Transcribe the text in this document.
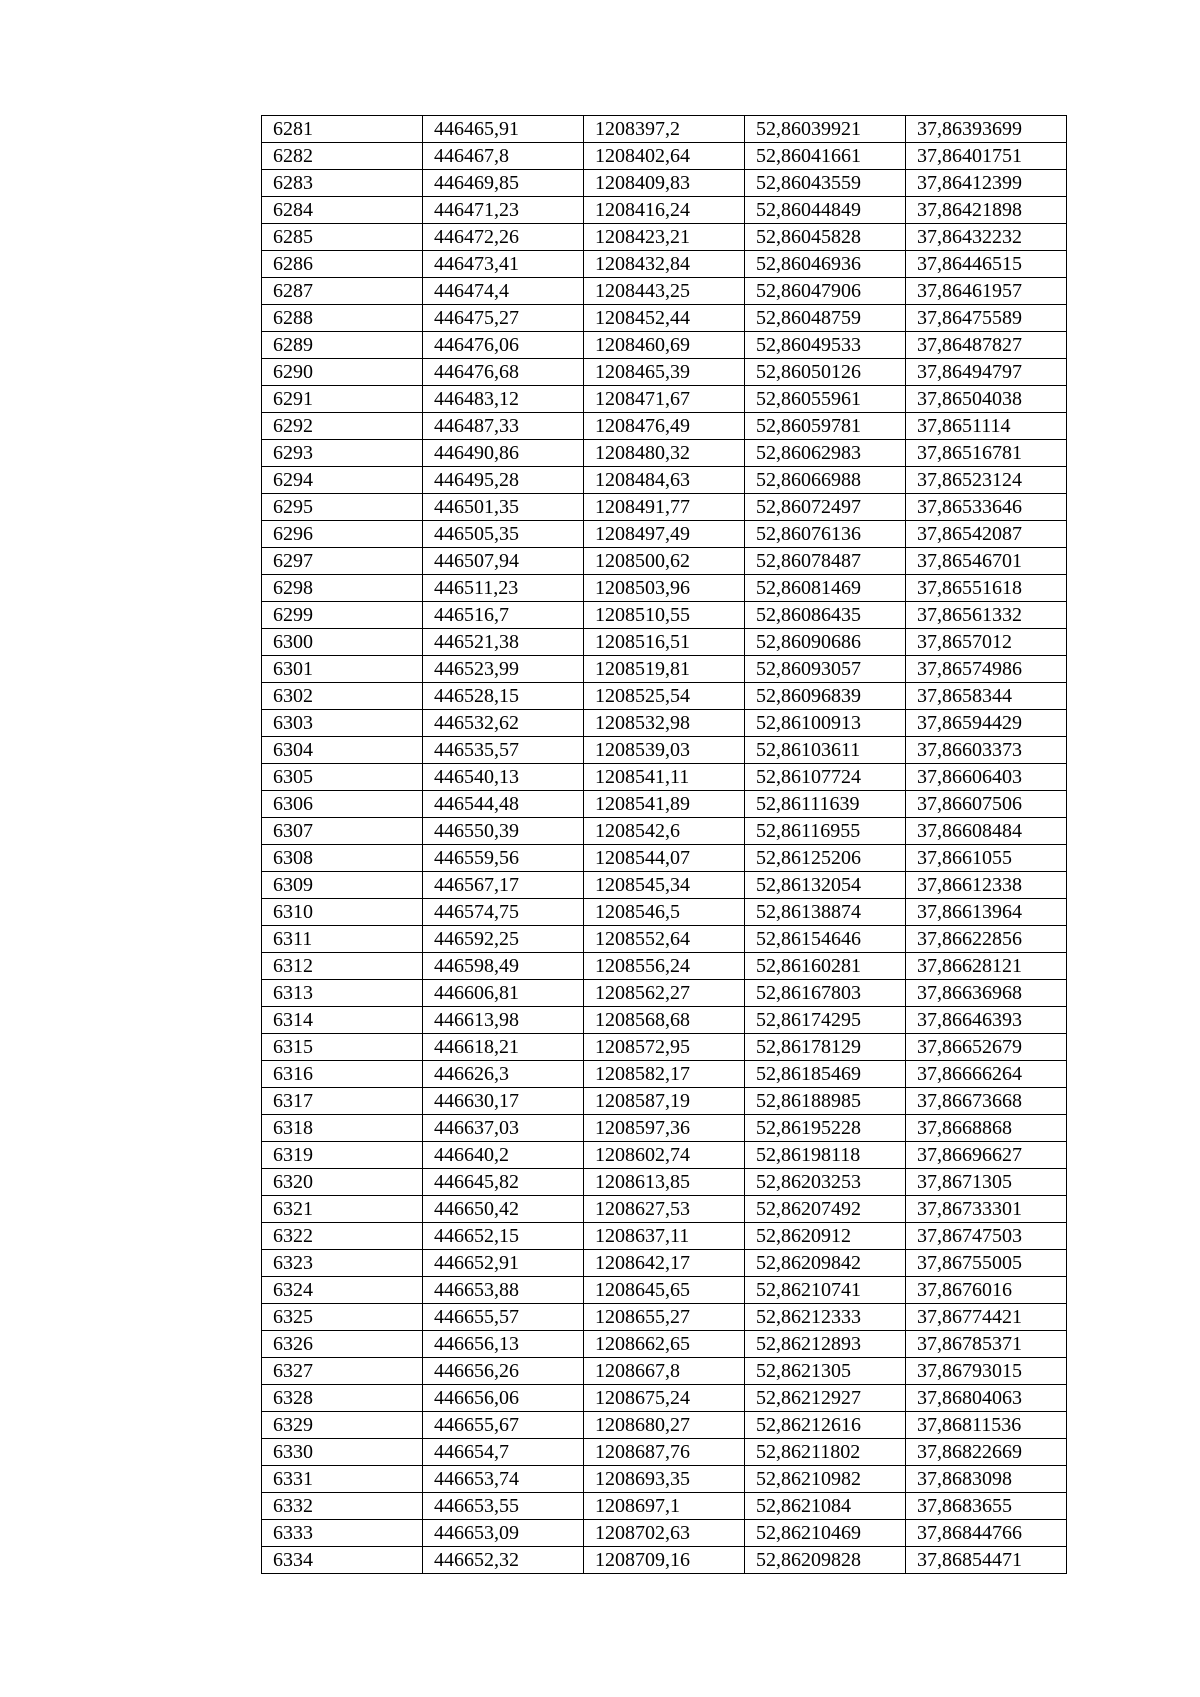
6281	446465,91	1208397,2	52,86039921	37,86393699
6282	446467,8	1208402,64	52,86041661	37,86401751
6283	446469,85	1208409,83	52,86043559	37,86412399
6284	446471,23	1208416,24	52,86044849	37,86421898
6285	446472,26	1208423,21	52,86045828	37,86432232
6286	446473,41	1208432,84	52,86046936	37,86446515
6287	446474,4	1208443,25	52,86047906	37,86461957
6288	446475,27	1208452,44	52,86048759	37,86475589
6289	446476,06	1208460,69	52,86049533	37,86487827
6290	446476,68	1208465,39	52,86050126	37,86494797
6291	446483,12	1208471,67	52,86055961	37,86504038
6292	446487,33	1208476,49	52,86059781	37,8651114
6293	446490,86	1208480,32	52,86062983	37,86516781
6294	446495,28	1208484,63	52,86066988	37,86523124
6295	446501,35	1208491,77	52,86072497	37,86533646
6296	446505,35	1208497,49	52,86076136	37,86542087
6297	446507,94	1208500,62	52,86078487	37,86546701
6298	446511,23	1208503,96	52,86081469	37,86551618
6299	446516,7	1208510,55	52,86086435	37,86561332
6300	446521,38	1208516,51	52,86090686	37,8657012
6301	446523,99	1208519,81	52,86093057	37,86574986
6302	446528,15	1208525,54	52,86096839	37,8658344
6303	446532,62	1208532,98	52,86100913	37,86594429
6304	446535,57	1208539,03	52,86103611	37,86603373
6305	446540,13	1208541,11	52,86107724	37,86606403
6306	446544,48	1208541,89	52,86111639	37,86607506
6307	446550,39	1208542,6	52,86116955	37,86608484
6308	446559,56	1208544,07	52,86125206	37,8661055
6309	446567,17	1208545,34	52,86132054	37,86612338
6310	446574,75	1208546,5	52,86138874	37,86613964
6311	446592,25	1208552,64	52,86154646	37,86622856
6312	446598,49	1208556,24	52,86160281	37,86628121
6313	446606,81	1208562,27	52,86167803	37,86636968
6314	446613,98	1208568,68	52,86174295	37,86646393
6315	446618,21	1208572,95	52,86178129	37,86652679
6316	446626,3	1208582,17	52,86185469	37,86666264
6317	446630,17	1208587,19	52,86188985	37,86673668
6318	446637,03	1208597,36	52,86195228	37,8668868
6319	446640,2	1208602,74	52,86198118	37,86696627
6320	446645,82	1208613,85	52,86203253	37,8671305
6321	446650,42	1208627,53	52,86207492	37,86733301
6322	446652,15	1208637,11	52,8620912	37,86747503
6323	446652,91	1208642,17	52,86209842	37,86755005
6324	446653,88	1208645,65	52,86210741	37,8676016
6325	446655,57	1208655,27	52,86212333	37,86774421
6326	446656,13	1208662,65	52,86212893	37,86785371
6327	446656,26	1208667,8	52,8621305	37,86793015
6328	446656,06	1208675,24	52,86212927	37,86804063
6329	446655,67	1208680,27	52,86212616	37,86811536
6330	446654,7	1208687,76	52,86211802	37,86822669
6331	446653,74	1208693,35	52,86210982	37,8683098
6332	446653,55	1208697,1	52,8621084	37,8683655
6333	446653,09	1208702,63	52,86210469	37,86844766
6334	446652,32	1208709,16	52,86209828	37,86854471
